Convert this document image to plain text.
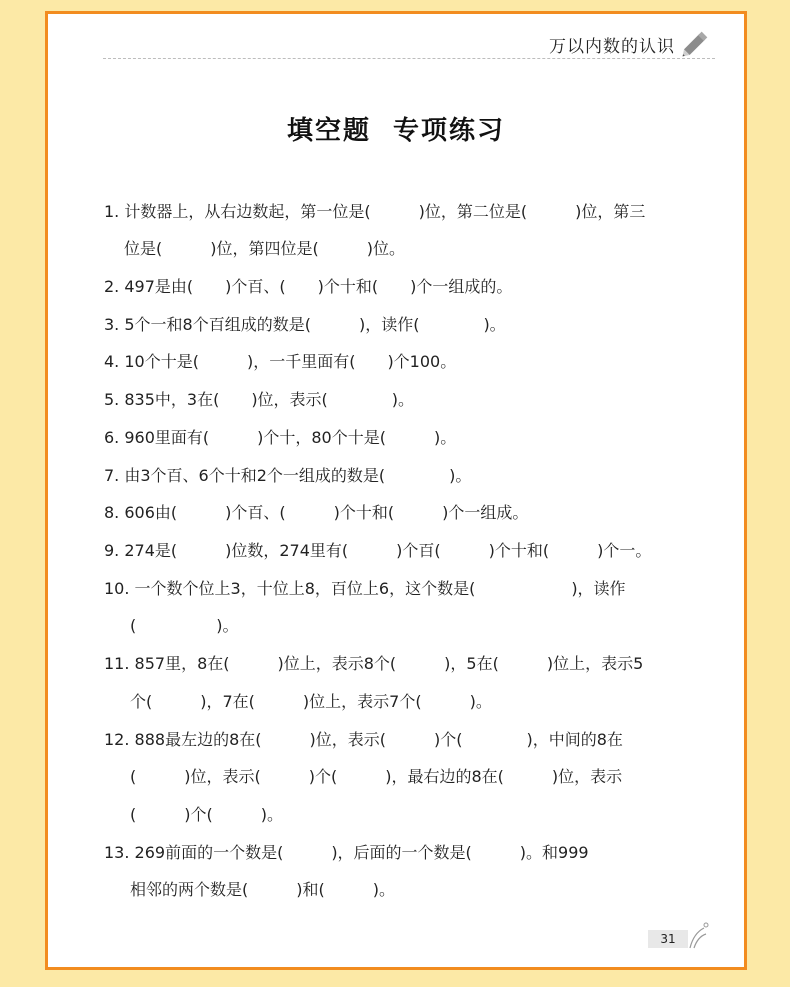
万以内数的认识
填空题 专项练习
1. 计数器上，从右边数起，第一位是(　　　)位，第二位是(　　　)位，第三
位是(　　　)位，第四位是(　　　)位。
2. 497是由(　　)个百、(　　)个十和(　　)个一组成的。
3. 5个一和8个百组成的数是(　　　)，读作(　　　　)。
4. 10个十是(　　　)，一千里面有(　　)个100。
5. 835中，3在(　　)位，表示(　　　　)。
6. 960里面有(　　　)个十，80个十是(　　　)。
7. 由3个百、6个十和2个一组成的数是(　　　　)。
8. 606由(　　　)个百、(　　　)个十和(　　　)个一组成。
9. 274是(　　　)位数，274里有(　　　)个百(　　　)个十和(　　　)个一。
10. 一个数个位上3，十位上8，百位上6，这个数是(　　　　　　)，读作
(　　　　　)。
11. 857里，8在(　　　)位上，表示8个(　　　)，5在(　　　)位上，表示5
个(　　　)，7在(　　　)位上，表示7个(　　　)。
12. 888最左边的8在(　　　)位，表示(　　　)个(　　　　)，中间的8在
(　　　)位，表示(　　　)个(　　　)，最右边的8在(　　　)位，表示
(　　　)个(　　　)。
13. 269前面的一个数是(　　　)，后面的一个数是(　　　)。和999
相邻的两个数是(　　　)和(　　　)。
31
